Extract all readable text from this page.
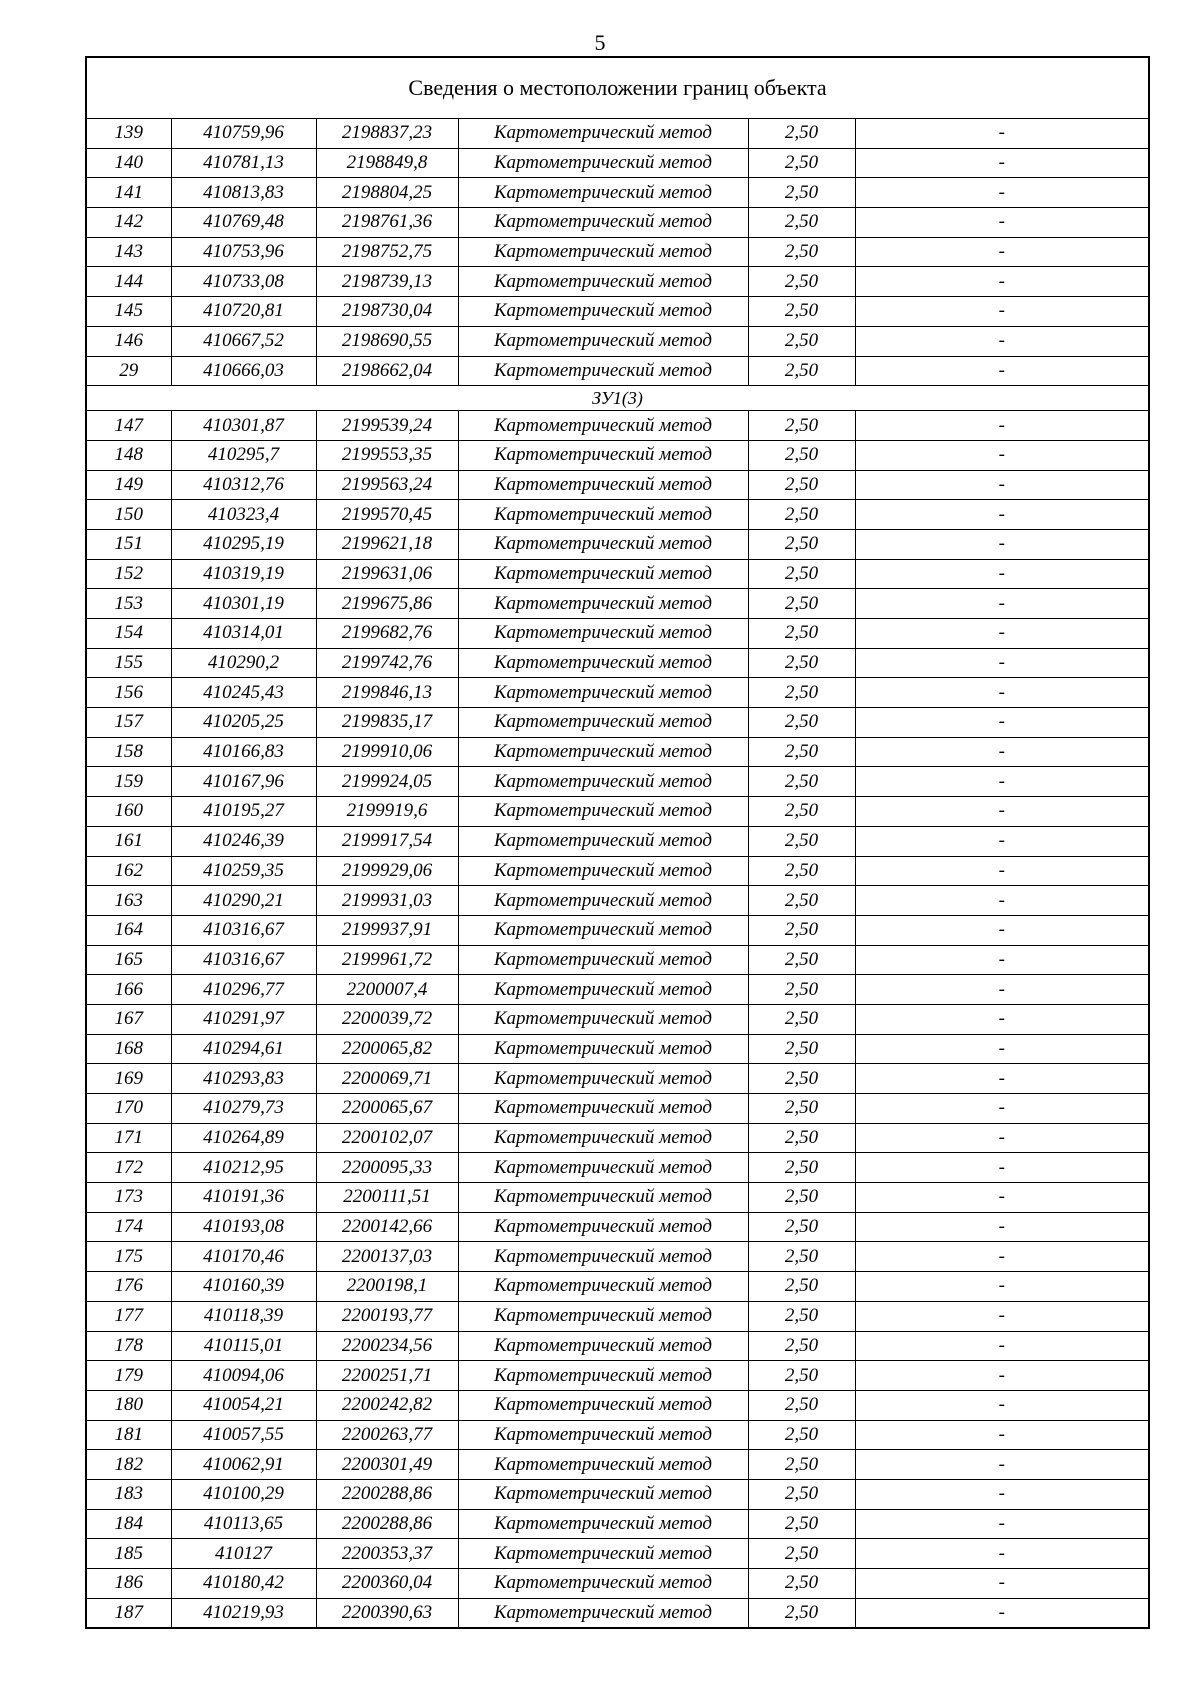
5
Сведения о местоположении границ объекта					
139	410759,96	2198837,23	Картометрический метод	2,50	-
140	410781,13	2198849,8	Картометрический метод	2,50	-
141	410813,83	2198804,25	Картометрический метод	2,50	-
142	410769,48	2198761,36	Картометрический метод	2,50	-
143	410753,96	2198752,75	Картометрический метод	2,50	-
144	410733,08	2198739,13	Картометрический метод	2,50	-
145	410720,81	2198730,04	Картометрический метод	2,50	-
146	410667,52	2198690,55	Картометрический метод	2,50	-
29	410666,03	2198662,04	Картометрический метод	2,50	-
ЗУ1(3)					
147	410301,87	2199539,24	Картометрический метод	2,50	-
148	410295,7	2199553,35	Картометрический метод	2,50	-
149	410312,76	2199563,24	Картометрический метод	2,50	-
150	410323,4	2199570,45	Картометрический метод	2,50	-
151	410295,19	2199621,18	Картометрический метод	2,50	-
152	410319,19	2199631,06	Картометрический метод	2,50	-
153	410301,19	2199675,86	Картометрический метод	2,50	-
154	410314,01	2199682,76	Картометрический метод	2,50	-
155	410290,2	2199742,76	Картометрический метод	2,50	-
156	410245,43	2199846,13	Картометрический метод	2,50	-
157	410205,25	2199835,17	Картометрический метод	2,50	-
158	410166,83	2199910,06	Картометрический метод	2,50	-
159	410167,96	2199924,05	Картометрический метод	2,50	-
160	410195,27	2199919,6	Картометрический метод	2,50	-
161	410246,39	2199917,54	Картометрический метод	2,50	-
162	410259,35	2199929,06	Картометрический метод	2,50	-
163	410290,21	2199931,03	Картометрический метод	2,50	-
164	410316,67	2199937,91	Картометрический метод	2,50	-
165	410316,67	2199961,72	Картометрический метод	2,50	-
166	410296,77	2200007,4	Картометрический метод	2,50	-
167	410291,97	2200039,72	Картометрический метод	2,50	-
168	410294,61	2200065,82	Картометрический метод	2,50	-
169	410293,83	2200069,71	Картометрический метод	2,50	-
170	410279,73	2200065,67	Картометрический метод	2,50	-
171	410264,89	2200102,07	Картометрический метод	2,50	-
172	410212,95	2200095,33	Картометрический метод	2,50	-
173	410191,36	2200111,51	Картометрический метод	2,50	-
174	410193,08	2200142,66	Картометрический метод	2,50	-
175	410170,46	2200137,03	Картометрический метод	2,50	-
176	410160,39	2200198,1	Картометрический метод	2,50	-
177	410118,39	2200193,77	Картометрический метод	2,50	-
178	410115,01	2200234,56	Картометрический метод	2,50	-
179	410094,06	2200251,71	Картометрический метод	2,50	-
180	410054,21	2200242,82	Картометрический метод	2,50	-
181	410057,55	2200263,77	Картометрический метод	2,50	-
182	410062,91	2200301,49	Картометрический метод	2,50	-
183	410100,29	2200288,86	Картометрический метод	2,50	-
184	410113,65	2200288,86	Картометрический метод	2,50	-
185	410127	2200353,37	Картометрический метод	2,50	-
186	410180,42	2200360,04	Картометрический метод	2,50	-
187	410219,93	2200390,63	Картометрический метод	2,50	-
